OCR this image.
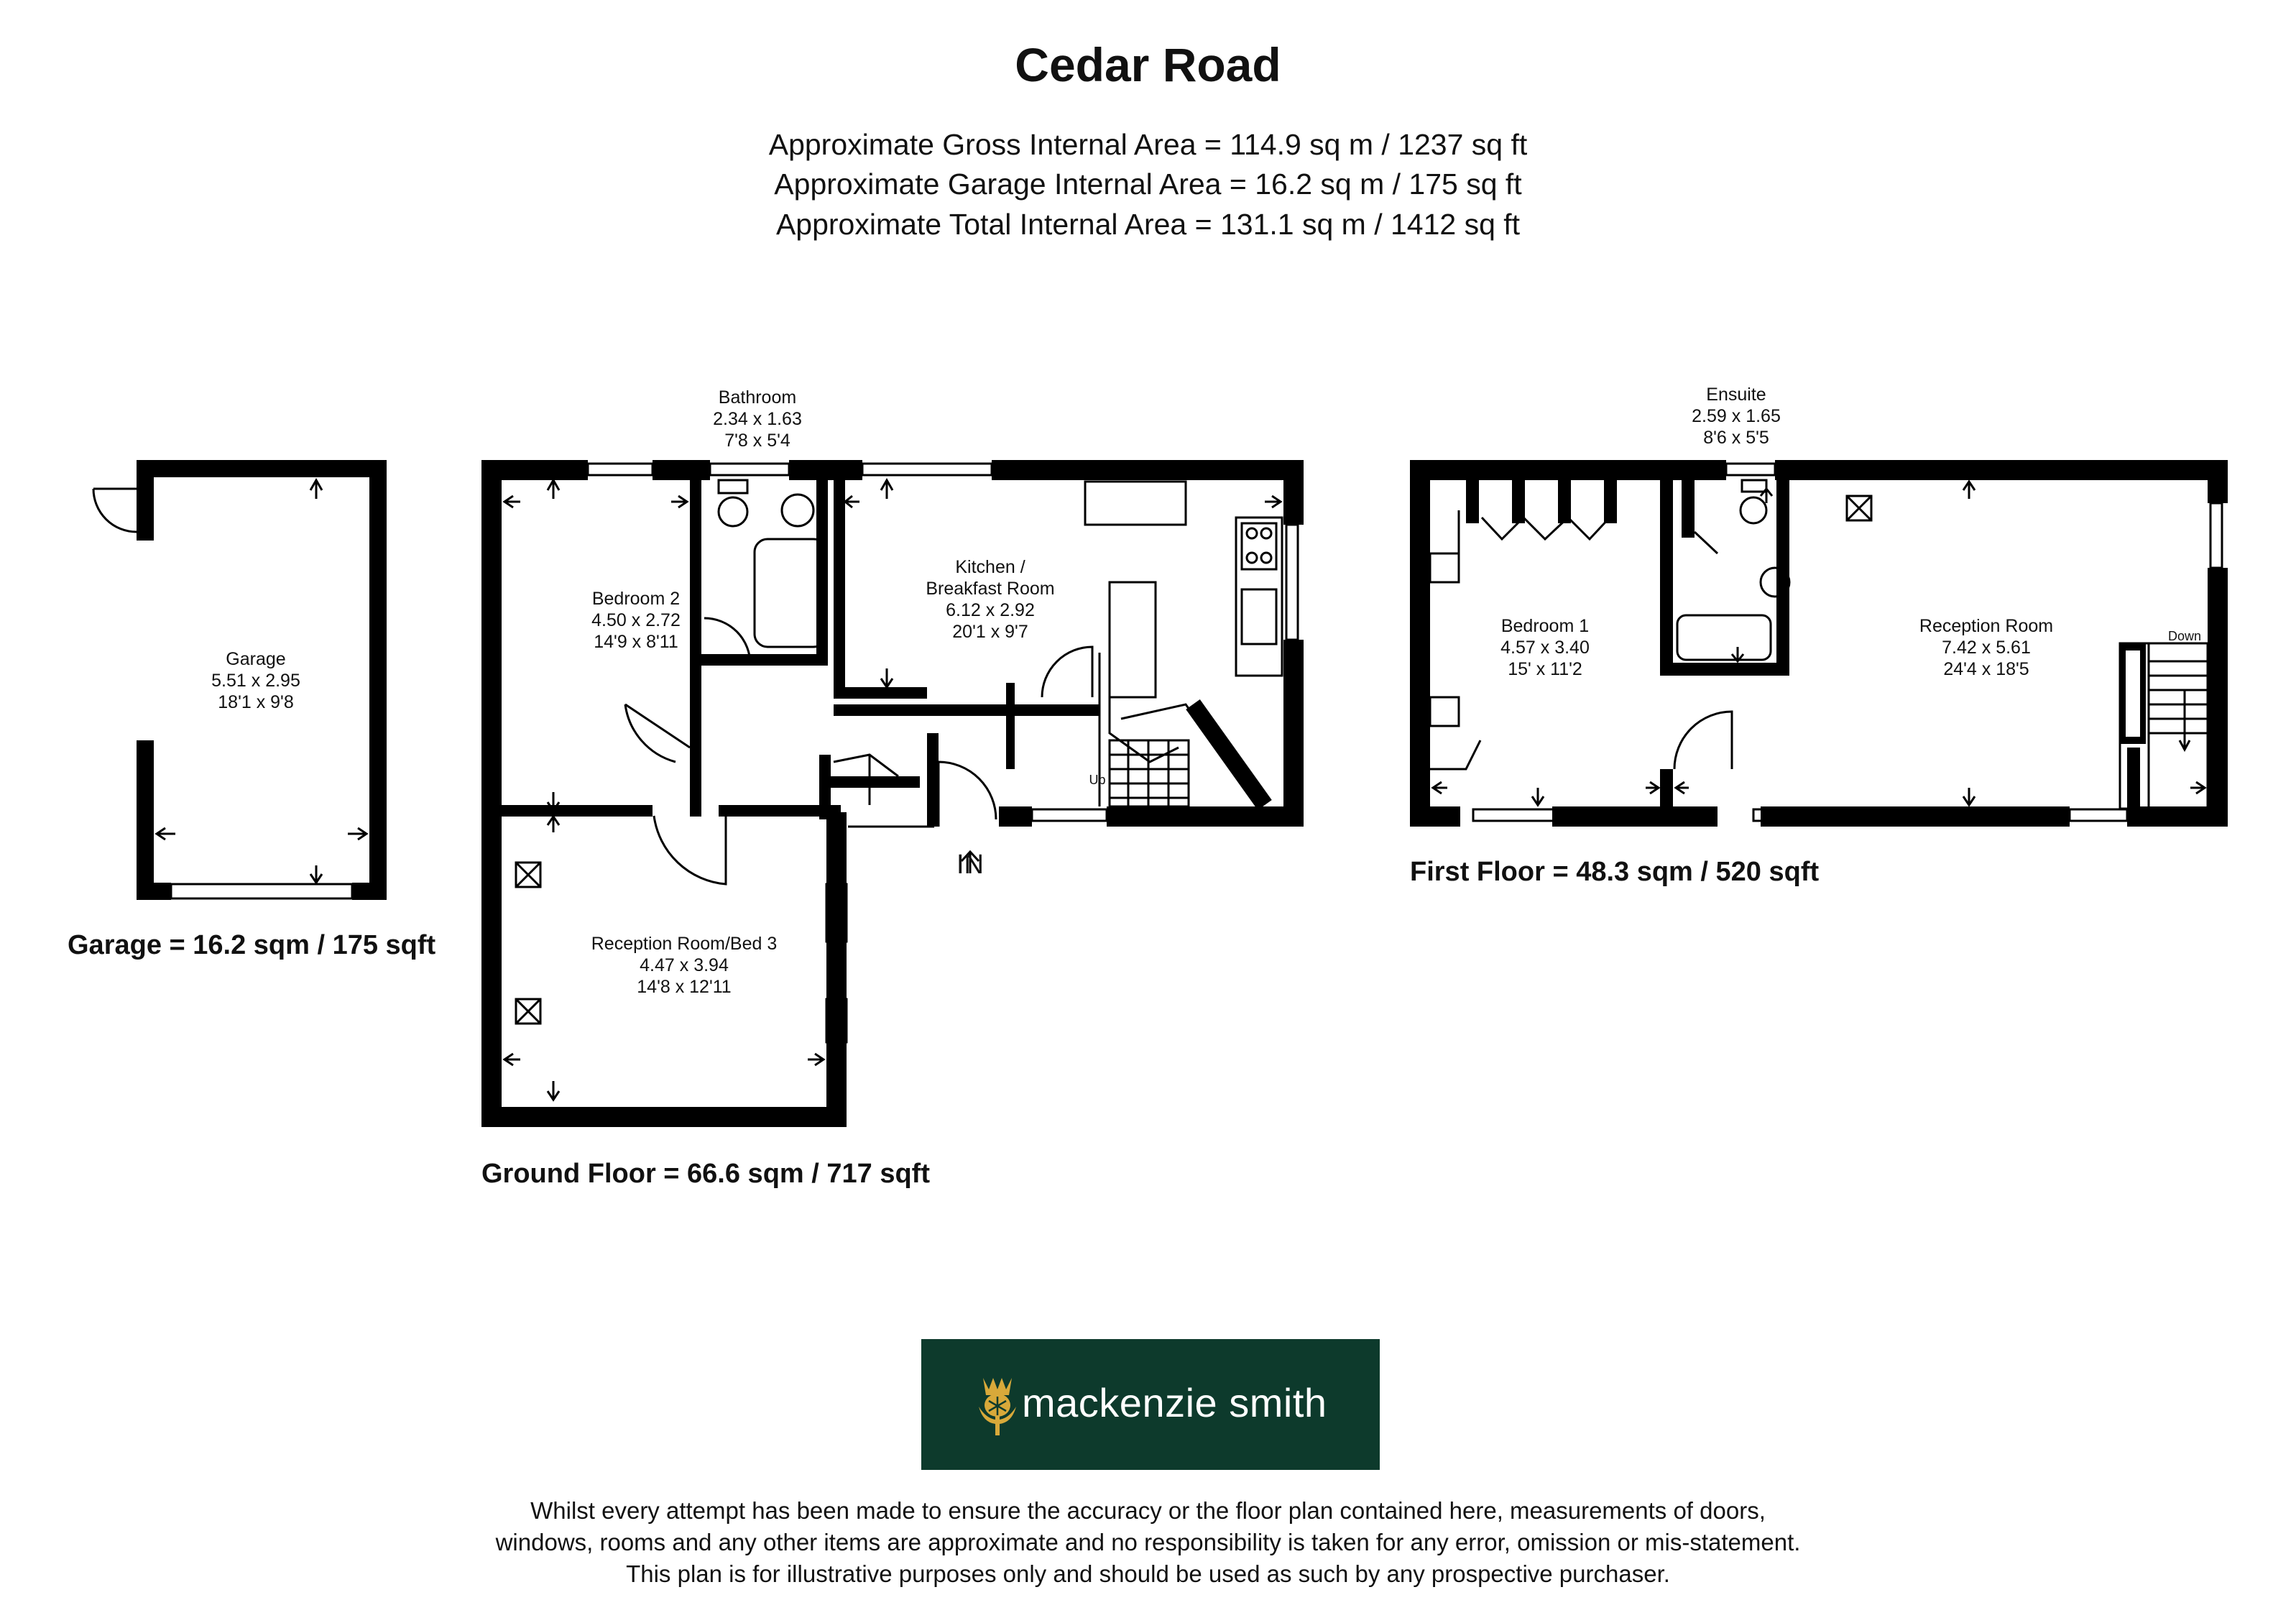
Cedar Road
Approximate Gross Internal Area = 114.9 sq m / 1237 sq ft
Approximate Garage Internal Area = 16.2 sq m / 175 sq ft
Approximate Total Internal Area = 131.1 sq m / 1412 sq ft
Bathroom
2.34 x 1.63
7'8 x 5'4
Bedroom 2
4.50 x 2.72
14'9 x 8'11
Kitchen /
Breakfast Room
6.12 x 2.92
20'1 x 9'7
Reception Room/Bed 3
4.47 x 3.94
14'8 x 12'11
Garage
5.51 x 2.95
18'1 x 9'8
Ensuite
2.59 x 1.65
8'6 x 5'5
Bedroom 1
4.57 x 3.40
15' x 11'2
Reception Room
7.42 x 5.61
24'4 x 18'5
Up
Down
IN
Garage = 16.2 sqm / 175 sqft
Ground Floor = 66.6 sqm / 717 sqft
First Floor = 48.3 sqm / 520 sqft
mackenzie smith
Whilst every attempt has been made to ensure the accuracy or the floor plan contained here, measurements of doors,
windows, rooms and any other items are approximate and no responsibility is taken for any error, omission or mis-statement.
This plan is for illustrative purposes only and should be used as such by any prospective purchaser.
